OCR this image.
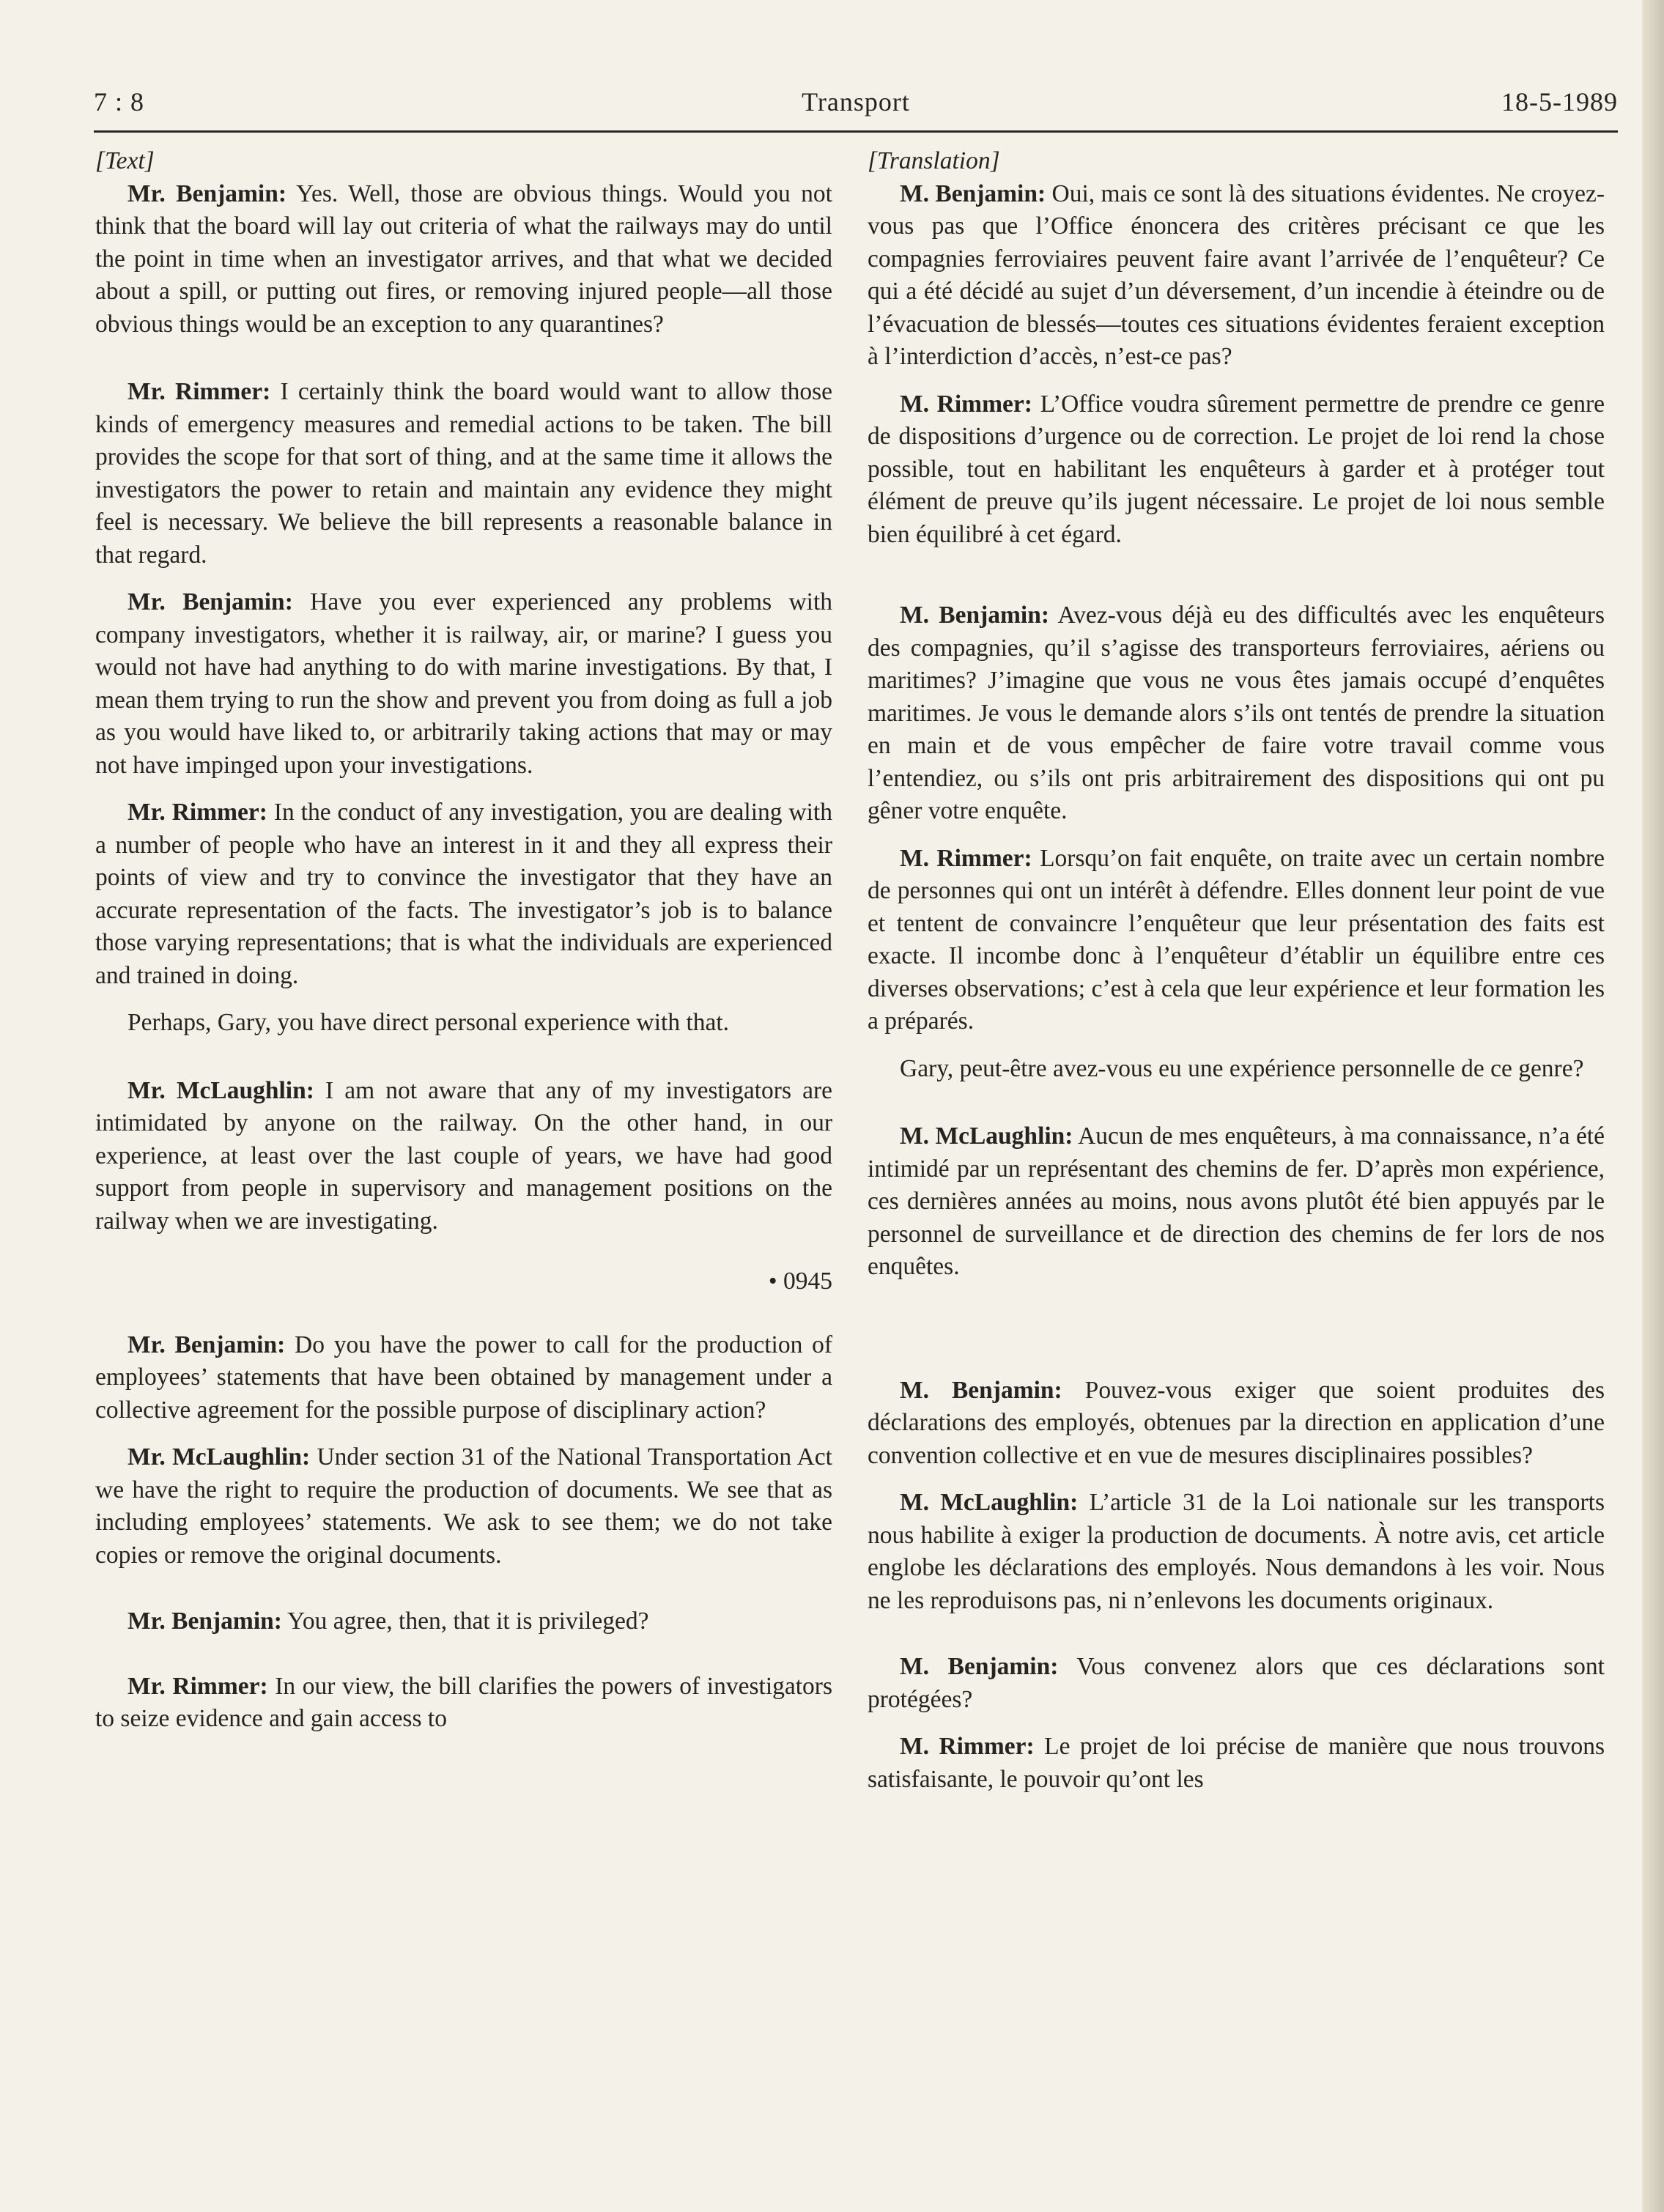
7 : 8	Transport	18-5-1989

[Text]

Mr. Benjamin: Yes. Well, those are obvious things. Would you not think that the board will lay out criteria of what the railways may do until the point in time when an investigator arrives, and that what we decided about a spill, or putting out fires, or removing injured people—all those obvious things would be an exception to any quarantines?

Mr. Rimmer: I certainly think the board would want to allow those kinds of emergency measures and remedial actions to be taken. The bill provides the scope for that sort of thing, and at the same time it allows the investigators the power to retain and maintain any evidence they might feel is necessary. We believe the bill represents a reasonable balance in that regard.

Mr. Benjamin: Have you ever experienced any problems with company investigators, whether it is railway, air, or marine? I guess you would not have had anything to do with marine investigations. By that, I mean them trying to run the show and prevent you from doing as full a job as you would have liked to, or arbitrarily taking actions that may or may not have impinged upon your investigations.

Mr. Rimmer: In the conduct of any investigation, you are dealing with a number of people who have an interest in it and they all express their points of view and try to convince the investigator that they have an accurate representation of the facts. The investigator’s job is to balance those varying representations; that is what the individuals are experienced and trained in doing.

Perhaps, Gary, you have direct personal experience with that.

Mr. McLaughlin: I am not aware that any of my investigators are intimidated by anyone on the railway. On the other hand, in our experience, at least over the last couple of years, we have had good support from people in supervisory and management positions on the railway when we are investigating.

• 0945

Mr. Benjamin: Do you have the power to call for the production of employees’ statements that have been obtained by management under a collective agreement for the possible purpose of disciplinary action?

Mr. McLaughlin: Under section 31 of the National Transportation Act we have the right to require the production of documents. We see that as including employees’ statements. We ask to see them; we do not take copies or remove the original documents.

Mr. Benjamin: You agree, then, that it is privileged?

Mr. Rimmer: In our view, the bill clarifies the powers of investigators to seize evidence and gain access to

[Translation]

M. Benjamin: Oui, mais ce sont là des situations évidentes. Ne croyez-vous pas que l’Office énoncera des critères précisant ce que les compagnies ferroviaires peuvent faire avant l’arrivée de l’enquêteur? Ce qui a été décidé au sujet d’un déversement, d’un incendie à éteindre ou de l’évacuation de blessés—toutes ces situations évidentes feraient exception à l’interdiction d’accès, n’est-ce pas?

M. Rimmer: L’Office voudra sûrement permettre de prendre ce genre de dispositions d’urgence ou de correction. Le projet de loi rend la chose possible, tout en habilitant les enquêteurs à garder et à protéger tout élément de preuve qu’ils jugent nécessaire. Le projet de loi nous semble bien équilibré à cet égard.

M. Benjamin: Avez-vous déjà eu des difficultés avec les enquêteurs des compagnies, qu’il s’agisse des transporteurs ferroviaires, aériens ou maritimes? J’imagine que vous ne vous êtes jamais occupé d’enquêtes maritimes. Je vous le demande alors s’ils ont tentés de prendre la situation en main et de vous empêcher de faire votre travail comme vous l’entendiez, ou s’ils ont pris arbitrairement des dispositions qui ont pu gêner votre enquête.

M. Rimmer: Lorsqu’on fait enquête, on traite avec un certain nombre de personnes qui ont un intérêt à défendre. Elles donnent leur point de vue et tentent de convaincre l’enquêteur que leur présentation des faits est exacte. Il incombe donc à l’enquêteur d’établir un équilibre entre ces diverses observations; c’est à cela que leur expérience et leur formation les a préparés.

Gary, peut-être avez-vous eu une expérience personnelle de ce genre?

M. McLaughlin: Aucun de mes enquêteurs, à ma connaissance, n’a été intimidé par un représentant des chemins de fer. D’après mon expérience, ces dernières années au moins, nous avons plutôt été bien appuyés par le personnel de surveillance et de direction des chemins de fer lors de nos enquêtes.

M. Benjamin: Pouvez-vous exiger que soient produites des déclarations des employés, obtenues par la direction en application d’une convention collective et en vue de mesures disciplinaires possibles?

M. McLaughlin: L’article 31 de la Loi nationale sur les transports nous habilite à exiger la production de documents. À notre avis, cet article englobe les déclarations des employés. Nous demandons à les voir. Nous ne les reproduisons pas, ni n’enlevons les documents originaux.

M. Benjamin: Vous convenez alors que ces déclarations sont protégées?

M. Rimmer: Le projet de loi précise de manière que nous trouvons satisfaisante, le pouvoir qu’ont les
